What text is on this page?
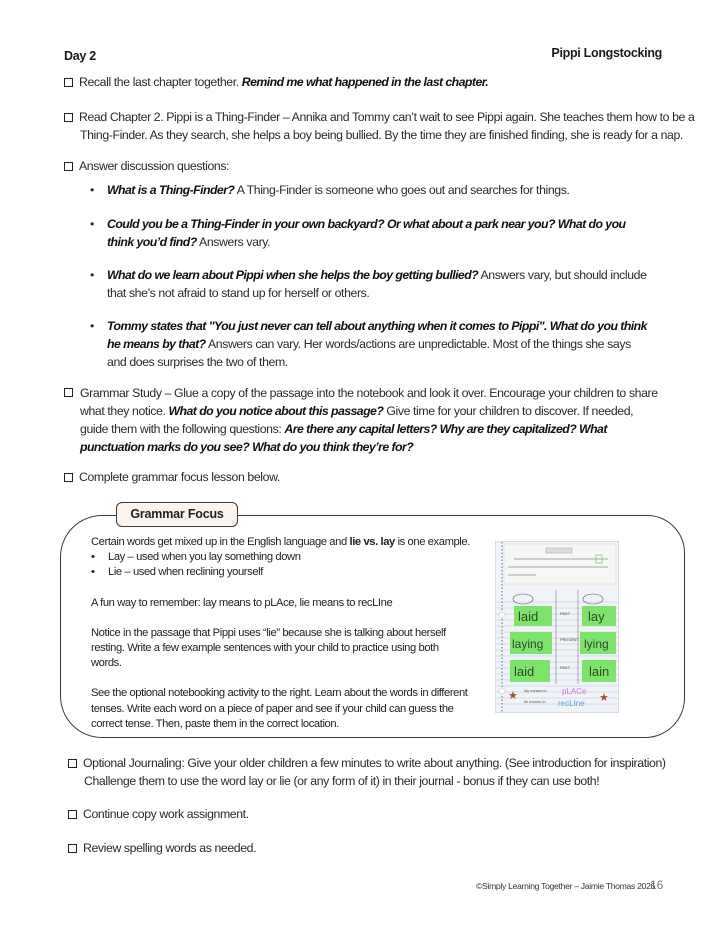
Day 2	Pippi Longstocking
Recall the last chapter together. Remind me what happened in the last chapter.
Read Chapter 2. Pippi is a Thing-Finder – Annika and Tommy can’t wait to see Pippi again. She teaches them how to be a
Thing-Finder. As they search, she helps a boy being bullied. By the time they are finished finding, she is ready for a nap.
Answer discussion questions:
• What is a Thing-Finder? A Thing-Finder is someone who goes out and searches for things.
• Could you be a Thing-Finder in your own backyard? Or what about a park near you? What do you think you’d find? Answers vary.
• What do we learn about Pippi when she helps the boy getting bullied? Answers vary, but should include that she’s not afraid to stand up for herself or others.
• Tommy states that "You just never can tell about anything when it comes to Pippi". What do you think he means by that? Answers can vary. Her words/actions are unpredictable. Most of the things she says and does surprises the two of them.
Grammar Study – Glue a copy of the passage into the notebook and look it over. Encourage your children to share what they notice. What do you notice about this passage? Give time for your children to discover. If needed, guide them with the following questions: Are there any capital letters? Why are they capitalized? What punctuation marks do you see? What do you think they’re for?
Complete grammar focus lesson below.
Grammar Focus

Certain words get mixed up in the English language and lie vs. lay is one example.

• Lay – used when you lay something down

• Lie – used when reclining yourself

A fun way to remember: lay means to pLAce, lie means to recLIne

Notice in the passage that Pippi uses “lie” because she is talking about herself resting. Write a few example sentences with your child to practice using both words.

See the optional notebooking activity to the right. Learn about the words in different tenses. Write each word on a piece of paper and see if your child can guess the correct tense. Then, paste them in the correct location.

laid
laying
laid
lay
lying
lain
PAST
PRESENT
PAST
★	★
lay means to
lie means to
pLACe
recLIne
Optional Journaling: Give your older children a few minutes to write about anything. (See introduction for inspiration)
Challenge them to use the word lay or lie (or any form of it) in their journal - bonus if they can use both!
Continue copy work assignment.
Review spelling words as needed.
©Simply Learning Together – Jaimie Thomas 2026
16
